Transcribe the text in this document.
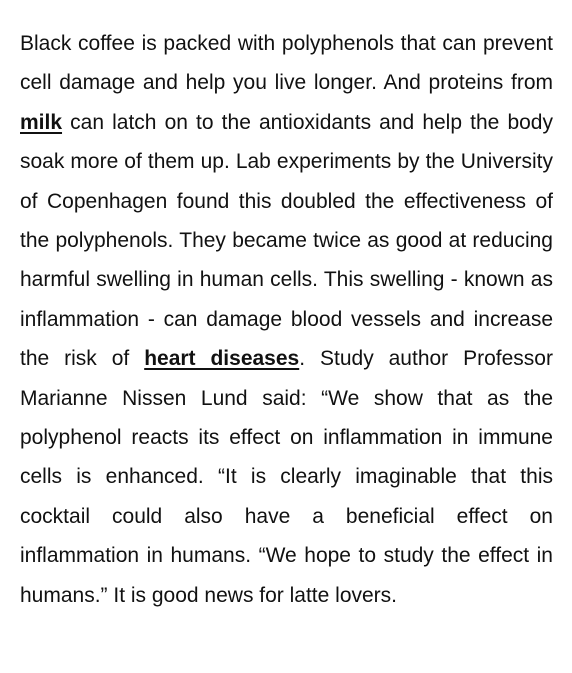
Black coffee is packed with polyphenols that can prevent cell damage and help you live longer. And proteins from milk can latch on to the antioxidants and help the body soak more of them up. Lab experiments by the University of Copenhagen found this doubled the effectiveness of the polyphenols. They became twice as good at reducing harmful swelling in human cells. This swelling - known as inflammation - can damage blood vessels and increase the risk of heart diseases. Study author Professor Marianne Nissen Lund said: “We show that as the polyphenol reacts its effect on inflammation in immune cells is enhanced. “It is clearly imaginable that this cocktail could also have a beneficial effect on inflammation in humans. “We hope to study the effect in humans.” It is good news for latte lovers.
